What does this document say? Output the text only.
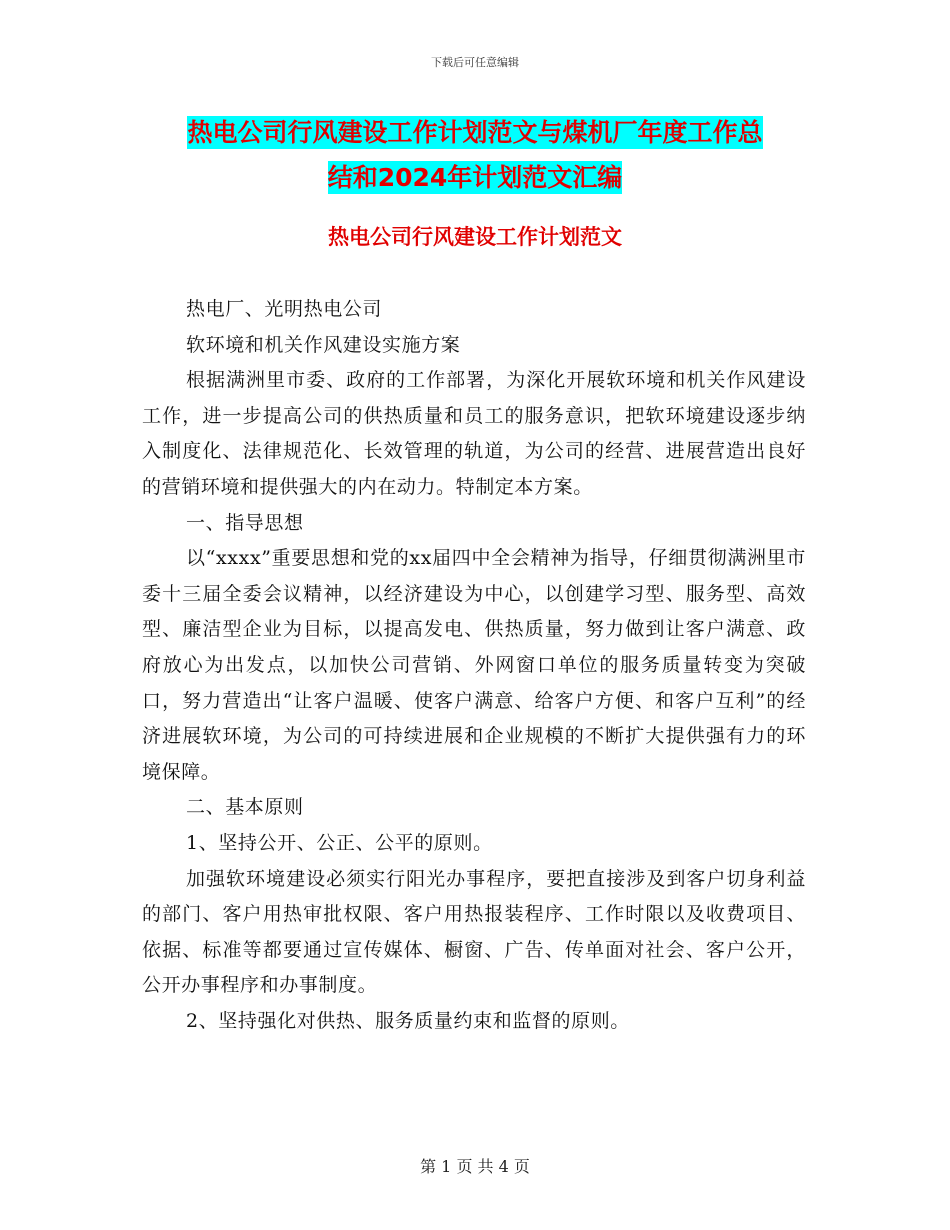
下载后可任意编辑
热电公司行风建设工作计划范文与煤机厂年度工作总
结和2024年计划范文汇编
热电公司行风建设工作计划范文

热电厂、光明热电公司

软环境和机关作风建设实施方案

根据满洲里市委、政府的工作部署，为深化开展软环境和机关作风建设工作，进一步提高公司的供热质量和员工的服务意识，把软环境建设逐步纳入制度化、法律规范化、长效管理的轨道，为公司的经营、进展营造出良好的营销环境和提供强大的内在动力。特制定本方案。

一、指导思想

以“xxxx”重要思想和党的xx届四中全会精神为指导，仔细贯彻满洲里市委十三届全委会议精神，以经济建设为中心，以创建学习型、服务型、高效型、廉洁型企业为目标，以提高发电、供热质量，努力做到让客户满意、政府放心为出发点，以加快公司营销、外网窗口单位的服务质量转变为突破口，努力营造出“让客户温暖、使客户满意、给客户方便、和客户互利”的经济进展软环境，为公司的可持续进展和企业规模的不断扩大提供强有力的环境保障。

二、基本原则

1、坚持公开、公正、公平的原则。

加强软环境建设必须实行阳光办事程序，要把直接涉及到客户切身利益的部门、客户用热审批权限、客户用热报装程序、工作时限以及收费项目、依据、标准等都要通过宣传媒体、橱窗、广告、传单面对社会、客户公开，公开办事程序和办事制度。

2、坚持强化对供热、服务质量约束和监督的原则。

第 1 页 共 4 页
